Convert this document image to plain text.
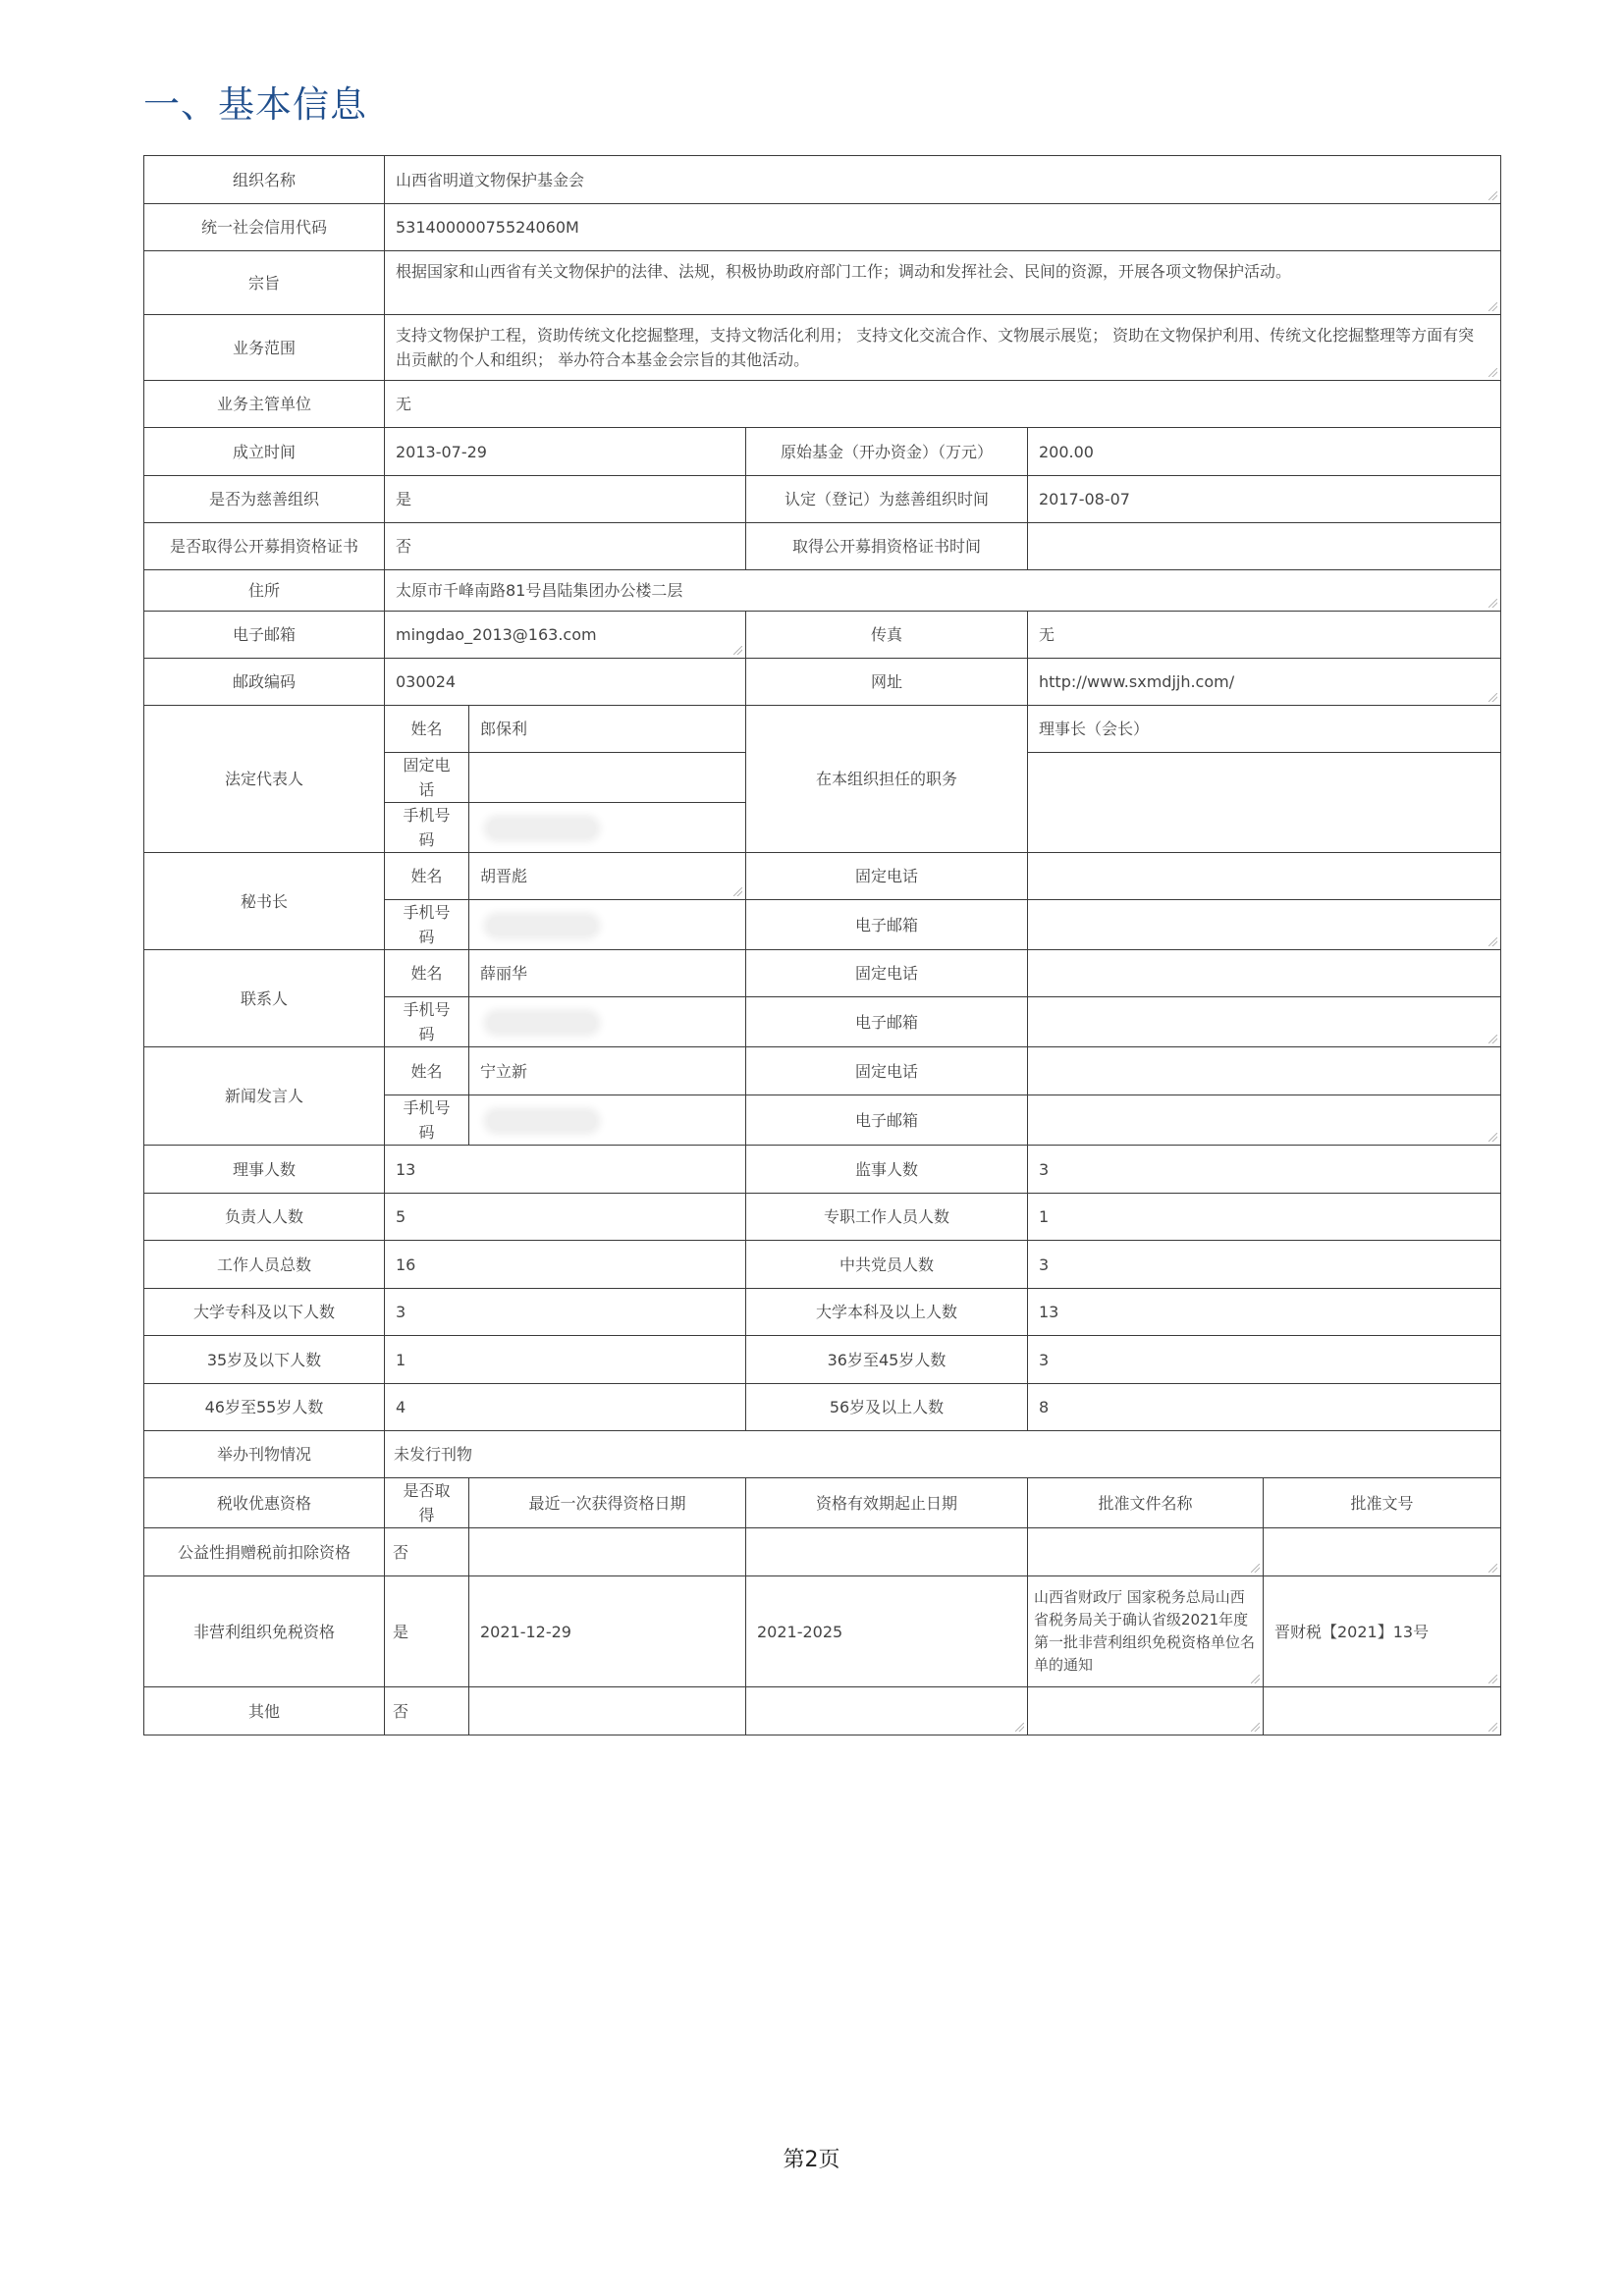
一、基本信息
组织名称	山西省明道文物保护基金会				
统一社会信用代码	53140000075524060M				
宗旨	根据国家和山西省有关文物保护的法律、法规，积极协助政府部门工作；调动和发挥社会、民间的资源，开展各项文物保护活动。				

业务范围	支持文物保护工程，资助传统文化挖掘整理，支持文物活化利用； 支持文化交流合作、文物展示展览； 资助在文物保护利用、传统文化挖掘整理等方面有突出贡献的个人和组织； 举办符合本基金会宗旨的其他活动。				

业务主管单位	无				
成立时间	2013-07-29		原始基金（开办资金）（万元）	200.00	
是否为慈善组织	是		认定（登记）为慈善组织时间	2017-08-07	
是否取得公开募捐资格证书	否		取得公开募捐资格证书时间		
住所	太原市千峰南路81号昌陆集团办公楼二层				
电子邮箱	mingdao_2013@163.com		传真	无	
邮政编码	030024		网址	http://www.sxmdjjh.com/	
法定代表人	姓名	郎保利	在本组织担任的职务	理事长（会长）	
	固定电话				
	手机号码				
秘书长	姓名	胡晋彪	固定电话		
	手机号码		电子邮箱		
联系人	姓名	薛丽华	固定电话		
	手机号码		电子邮箱		
新闻发言人	姓名	宁立新	固定电话		
	手机号码		电子邮箱		
理事人数	13		监事人数	3	
负责人人数	5		专职工作人员人数	1	
工作人员总数	16		中共党员人数	3	
大学专科及以下人数	3		大学本科及以上人数	13	
35岁及以下人数	1		36岁至45岁人数	3	
46岁至55岁人数	4		56岁及以上人数	8	
举办刊物情况	未发行刊物				
税收优惠资格	是否取得	最近一次获得资格日期	资格有效期起止日期	批准文件名称	批准文号
公益性捐赠税前扣除资格	否				
非营利组织免税资格	是	2021-12-29	2021-2025	山西省财政厅 国家税务总局山西省税务局关于确认省级2021年度第一批非营利组织免税资格单位名单的通知	晋财税【2021】13号
其他	否				
第2页
